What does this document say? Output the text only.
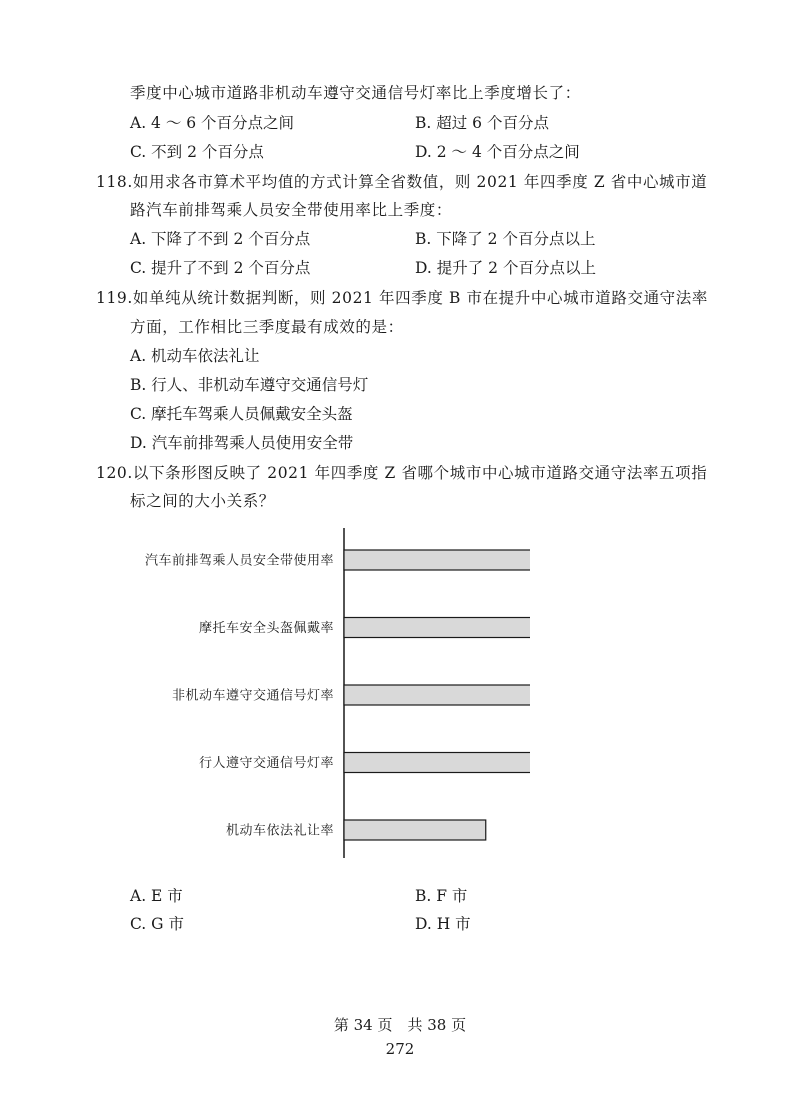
季度中心城市道路非机动车遵守交通信号灯率比上季度增长了：
A. 4 ～ 6 个百分点之间	B. 超过 6 个百分点
C. 不到 2 个百分点	D. 2 ～ 4 个百分点之间
118.如用求各市算术平均值的方式计算全省数值，则 2021 年四季度 Z 省中心城市道
路汽车前排驾乘人员安全带使用率比上季度：
A. 下降了不到 2 个百分点	B. 下降了 2 个百分点以上
C. 提升了不到 2 个百分点	D. 提升了 2 个百分点以上
119.如单纯从统计数据判断，则 2021 年四季度 B 市在提升中心城市道路交通守法率
方面，工作相比三季度最有成效的是：
A. 机动车依法礼让
B. 行人、非机动车遵守交通信号灯
C. 摩托车驾乘人员佩戴安全头盔
D. 汽车前排驾乘人员使用安全带
120.以下条形图反映了 2021 年四季度 Z 省哪个城市中心城市道路交通守法率五项指
标之间的大小关系？
汽车前排驾乘人员安全带使用率
摩托车安全头盔佩戴率
非机动车遵守交通信号灯率
行人遵守交通信号灯率
机动车依法礼让率
A. E 市	B. F 市
C. G 市	D. H 市
第 34 页　共 38 页
272
